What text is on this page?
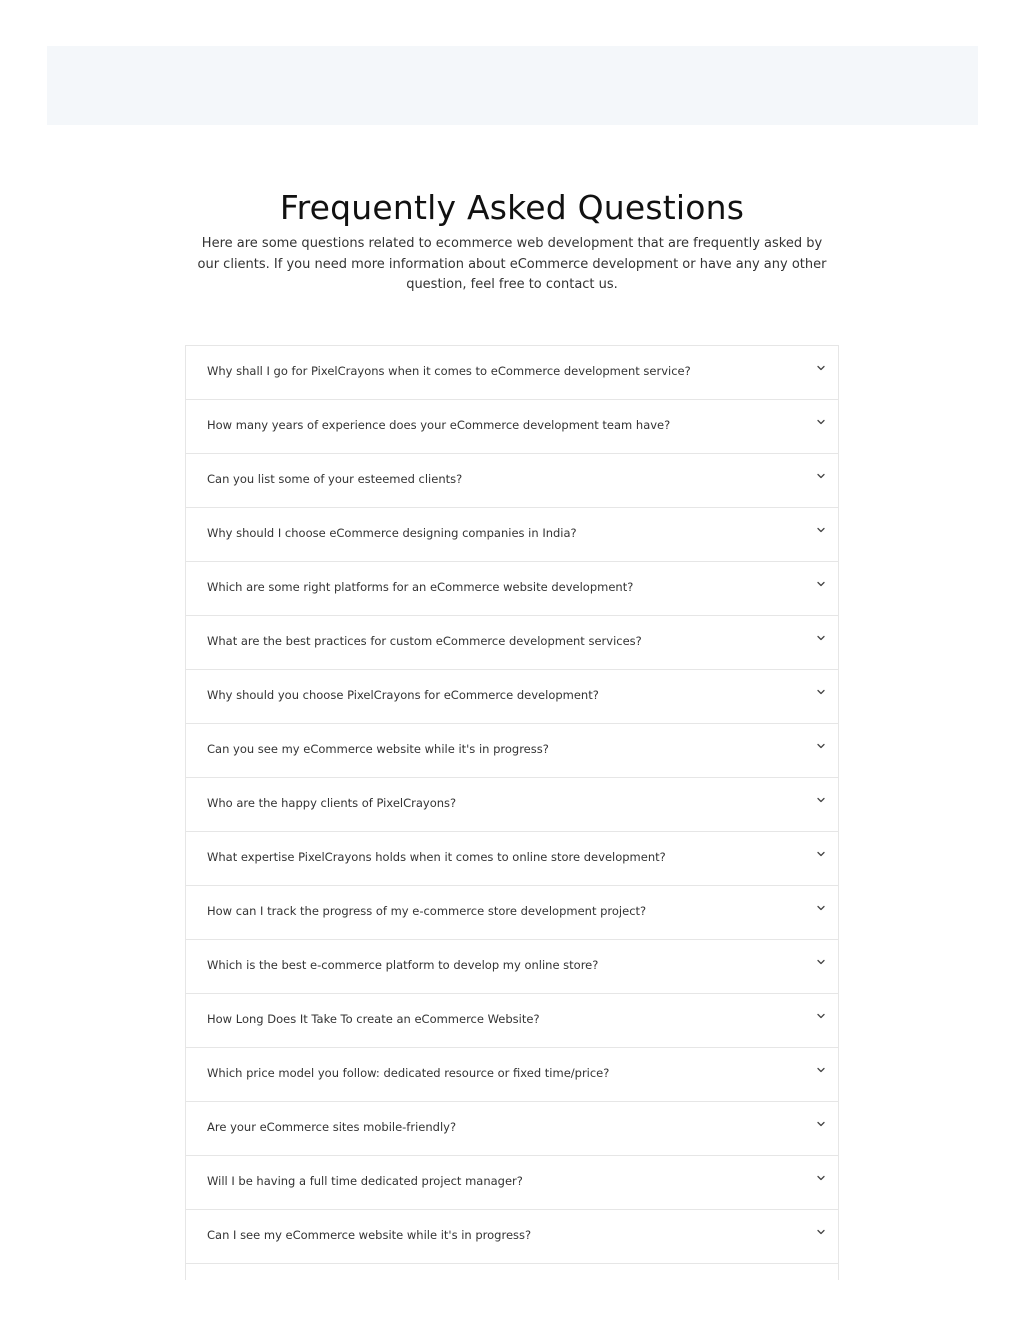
Frequently Asked Questions

Here are some questions related to ecommerce web development that are frequently asked by our clients. If you need more information about eCommerce development or have any any other question, feel free to contact us.

Why shall I go for PixelCrayons when it comes to eCommerce development service?
How many years of experience does your eCommerce development team have?
Can you list some of your esteemed clients?
Why should I choose eCommerce designing companies in India?
Which are some right platforms for an eCommerce website development?
What are the best practices for custom eCommerce development services?
Why should you choose PixelCrayons for eCommerce development?
Can you see my eCommerce website while it's in progress?
Who are the happy clients of PixelCrayons?
What expertise PixelCrayons holds when it comes to online store development?
How can I track the progress of my e-commerce store development project?
Which is the best e-commerce platform to develop my online store?
How Long Does It Take To create an eCommerce Website?
Which price model you follow: dedicated resource or fixed time/price?
Are your eCommerce sites mobile-friendly?
Will I be having a full time dedicated project manager?
Can I see my eCommerce website while it's in progress?
